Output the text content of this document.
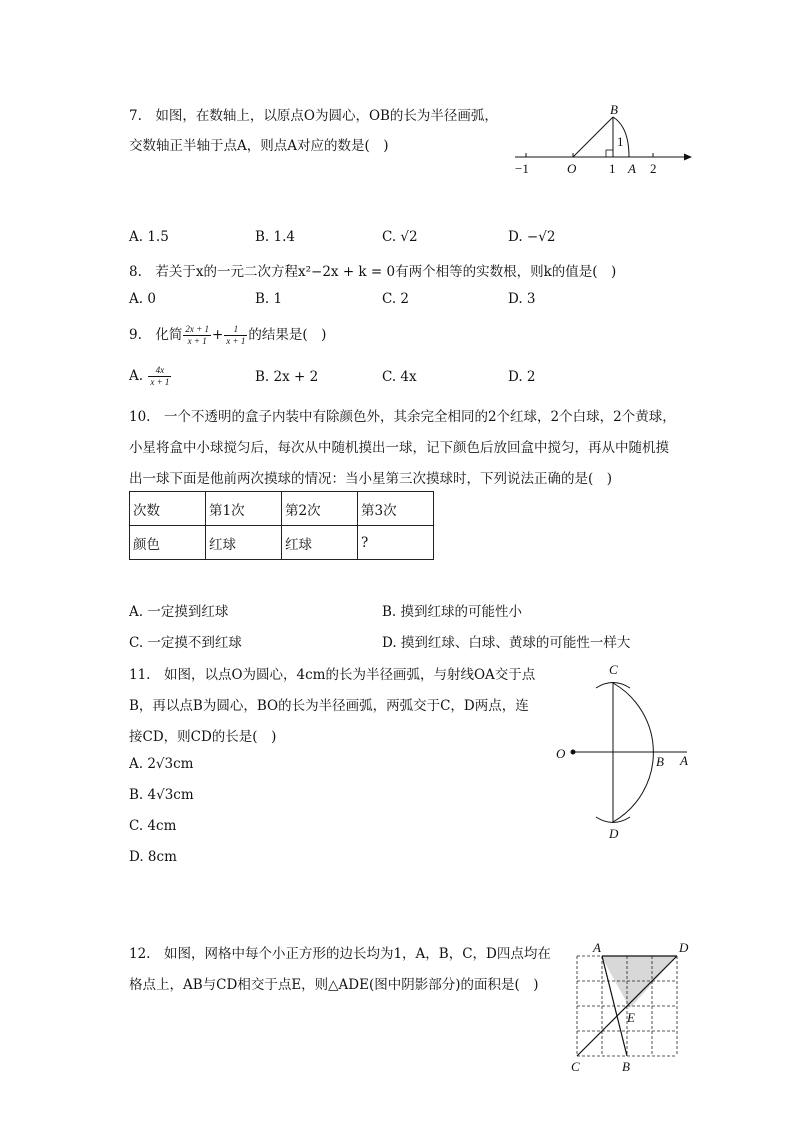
7.　如图，在数轴上，以原点O为圆心，OB的长为半径画弧，
交数轴正半轴于点A，则点A对应的数是(　)
B
1
−1	O	1 A 2
A. 1.5	B. 1.4	C. √2	D. −√2
8.　若关于x的一元二次方程x²−2x + k = 0有两个相等的实数根，则k的值是(　)
A. 0	B. 1	C. 2	D. 3
9.　化简 $\frac{2x + 1}{x + 1} + \frac{1}{x + 1}$ 的结果是(　)
A. $\frac{4x}{x + 1}$	B. 2x + 2	C. 4x	D. 2
10.　一个不透明的盒子内装中有除颜色外，其余完全相同的2个红球，2个白球，2个黄球，
小星将盒中小球搅匀后，每次从中随机摸出一球，记下颜色后放回盒中搅匀，再从中随机摸
出一球下面是他前两次摸球的情况：当小星第三次摸球时，下列说法正确的是(　)
次数	第1次	第2次	第3次
颜色	红球	红球	?
A. 一定摸到红球	B. 摸到红球的可能性小
C. 一定摸不到红球	D. 摸到红球、白球、黄球的可能性一样大
11.　如图，以点O为圆心，4cm的长为半径画弧，与射线OA交于点
B，再以点B为圆心，BO的长为半径画弧，两弧交于C，D两点，连
接CD，则CD的长是(　)
A. 2√3cm
B. 4√3cm
C. 4cm
D. 8cm
C
O
B A
D
12.　如图，网格中每个小正方形的边长均为1，A，B，C，D四点均在
格点上，AB与CD相交于点E，则△ADE(图中阴影部分)的面积是(　)
A	D
E
C	B
